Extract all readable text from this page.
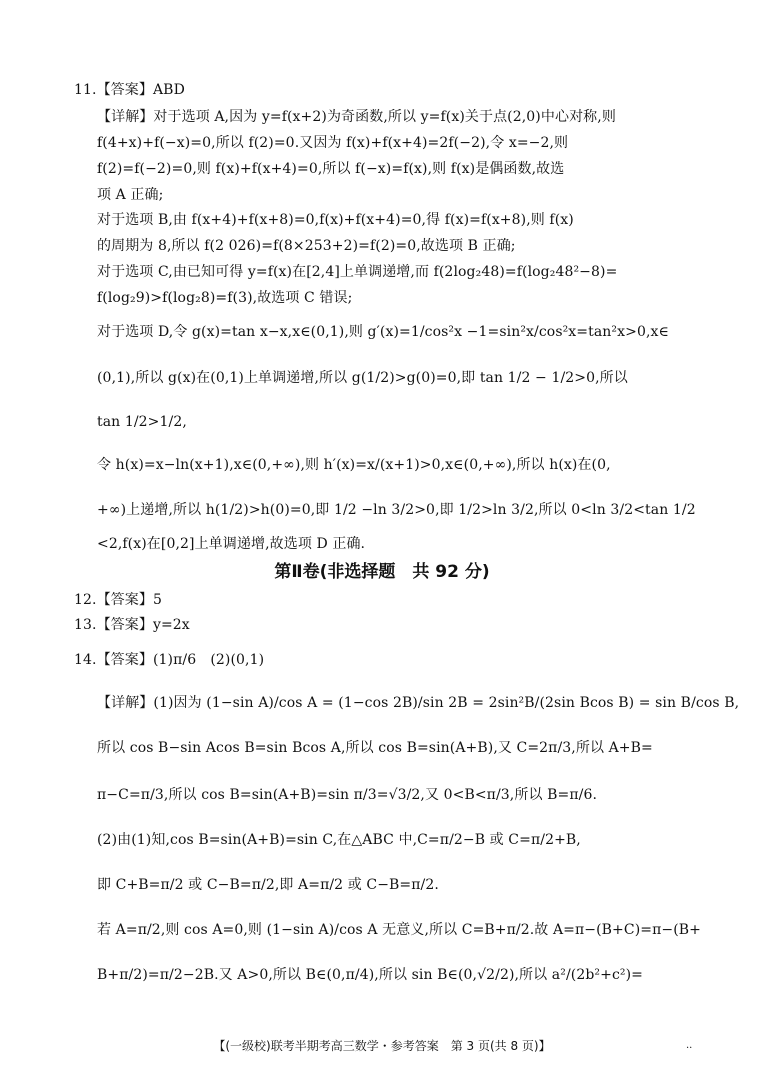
11.【答案】ABD
【详解】对于选项 A,因为 y=f(x+2)为奇函数,所以 y=f(x)关于点(2,0)中心对称,则
f(4+x)+f(−x)=0,所以 f(2)=0.又因为 f(x)+f(x+4)=2f(−2),令 x=−2,则
f(2)=f(−2)=0,则 f(x)+f(x+4)=0,所以 f(−x)=f(x),则 f(x)是偶函数,故选
项 A 正确;
对于选项 B,由 f(x+4)+f(x+8)=0,f(x)+f(x+4)=0,得 f(x)=f(x+8),则 f(x)
的周期为 8,所以 f(2 026)=f(8×253+2)=f(2)=0,故选项 B 正确;
对于选项 C,由已知可得 y=f(x)在[2,4]上单调递增,而 f(2log₂48)=f(log₂48²−8)=
f(log₂9)>f(log₂8)=f(3),故选项 C 错误;
对于选项 D,令 g(x)=tan x−x,x∈(0,1),则 g′(x)=1/cos²x −1=sin²x/cos²x=tan²x>0,x∈
(0,1),所以 g(x)在(0,1)上单调递增,所以 g(1/2)>g(0)=0,即 tan 1/2 − 1/2>0,所以
tan 1/2>1/2,
令 h(x)=x−ln(x+1),x∈(0,+∞),则 h′(x)=x/(x+1)>0,x∈(0,+∞),所以 h(x)在(0,
+∞)上递增,所以 h(1/2)>h(0)=0,即 1/2 −ln 3/2>0,即 1/2>ln 3/2,所以 0<ln 3/2<tan 1/2
<2,f(x)在[0,2]上单调递增,故选项 D 正确.
第Ⅱ卷(非选择题　共 92 分)
12.【答案】5
13.【答案】y=2x
14.【答案】(1)π/6　(2)(0,1)
【详解】(1)因为 (1−sin A)/cos A = (1−cos 2B)/sin 2B = 2sin²B/(2sin Bcos B) = sin B/cos B,
所以 cos B−sin Acos B=sin Bcos A,所以 cos B=sin(A+B),又 C=2π/3,所以 A+B=
π−C=π/3,所以 cos B=sin(A+B)=sin π/3=√3/2,又 0<B<π/3,所以 B=π/6.
(2)由(1)知,cos B=sin(A+B)=sin C,在△ABC 中,C=π/2−B 或 C=π/2+B,
即 C+B=π/2 或 C−B=π/2,即 A=π/2 或 C−B=π/2.
若 A=π/2,则 cos A=0,则 (1−sin A)/cos A 无意义,所以 C=B+π/2.故 A=π−(B+C)=π−(B+
B+π/2)=π/2−2B.又 A>0,所以 B∈(0,π/4),所以 sin B∈(0,√2/2),所以 a²/(2b²+c²)=
【(一级校)联考半期考高三数学・参考答案　第 3 页(共 8 页)】	..
